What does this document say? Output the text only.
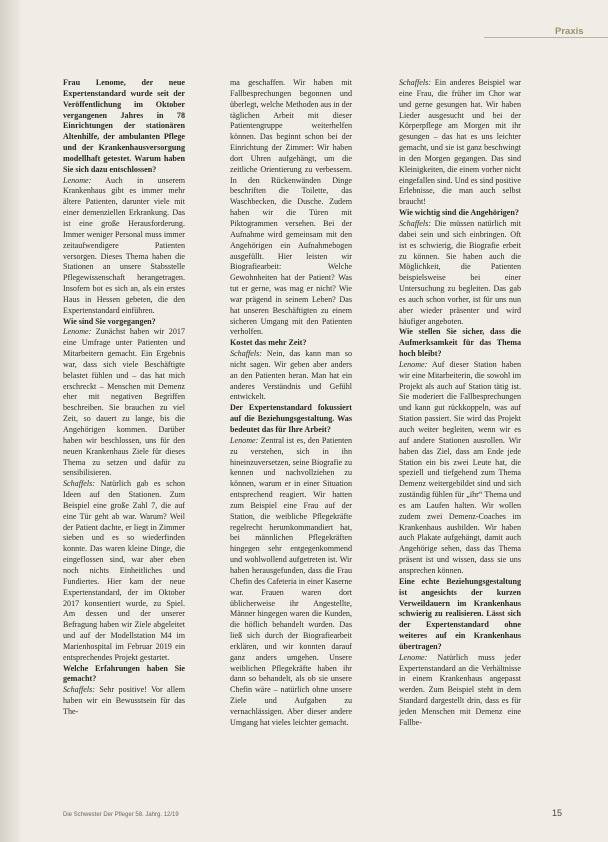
Praxis

Frau Lenome, der neue Expertenstandard wurde seit der Veröffentlichung im Oktober vergangenen Jahres in 78 Einrichtungen der stationären Altenhilfe, der ambulanten Pflege und der Krankenhausversorgung modellhaft getestet. Warum haben Sie sich dazu entschlossen?

Lenome: Auch in unserem Krankenhaus gibt es immer mehr ältere Patienten, darunter viele mit einer demenziellen Erkrankung. Das ist eine große Herausforderung. Immer weniger Personal muss immer zeitaufwendigere Patienten versorgen. Dieses Thema haben die Stationen an unsere Stabsstelle Pflegewissenschaft herangetragen. Insofern bot es sich an, als ein erstes Haus in Hessen gebeten, die den Expertenstandard einführen.

Wie sind Sie vorgegangen?

Lenome: Zunächst haben wir 2017 eine Umfrage unter Patienten und Mitarbeitern gemacht. Ein Ergebnis war, dass sich viele Beschäftigte belastet fühlen und – das hat mich erschreckt – Menschen mit Demenz eher mit negativen Begriffen beschreiben. Sie brauchen zu viel Zeit, so dauert zu lange, bis die Angehörigen kommen. Darüber haben wir beschlossen, uns für den neuen Krankenhaus Ziele für dieses Thema zu setzen und dafür zu sensibilisieren.

Schaffels: Natürlich gab es schon Ideen auf den Stationen. Zum Beispiel eine große Zahl 7, die auf eine Tür geht ab war. Warum? Weil der Patient dachte, er liegt in Zimmer sieben und es so wiederfinden konnte. Das waren kleine Dinge, die eingeflossen sind, war aber eben noch nichts Einheitliches und Fundiertes. Hier kam der neue Expertenstandard, der im Oktober 2017 konsentiert wurde, zu Spiel. Am dessen und der unserer Befragung haben wir Ziele abgeleitet und auf der Modellstation M4 im Marienhospital im Februar 2019 ein entsprechendes Projekt gestartet.

Welche Erfahrungen haben Sie gemacht?

Schaffels: Sehr positive! Vor allem haben wir ein Bewusstsein für das The-

ma geschaffen. Wir haben mit Fallbesprechungen begonnen und überlegt, welche Methoden aus in der täglichen Arbeit mit dieser Patientengruppe weiterhelfen können. Das beginnt schon bei der Einrichtung der Zimmer: Wir haben dort Uhren aufgehängt, um die zeitliche Orientierung zu verbessern. In den Rückenwänden Dinge beschriften die Toilette, das Waschbecken, die Dusche. Zudem haben wir die Türen mit Piktogrammen versehen. Bei der Aufnahme wird gemeinsam mit den Angehörigen ein Aufnahmebogen ausgefüllt. Hier leisten wir Biografiearbeit: Welche Gewohnheiten hat der Patient? Was tut er gerne, was mag er nicht? Wie war prägend in seinem Leben? Das hat unseren Beschäftigten zu einem sicheren Umgang mit den Patienten verholfen.

Kostet das mehr Zeit?

Schaffels: Nein, das kann man so nicht sagen. Wir geben aber anders an den Patienten heran. Man hat ein anderes Verständnis und Gefühl entwickelt.

Der Expertenstandard fokussiert auf die Beziehungsgestaltung. Was bedeutet das für Ihre Arbeit?

Lenome: Zentral ist es, den Patienten zu verstehen, sich in ihn hineinzuversetzen, seine Biografie zu kennen und nachvollziehen zu können, warum er in einer Situation entsprechend reagiert. Wir hatten zum Beispiel eine Frau auf der Station, die weibliche Pflegekräfte regelrecht herumkommandiert hat, bei männlichen Pflegekräften hingegen sehr entgegenkommend und wohlwollend aufgetreten ist. Wir haben herausgefunden, dass die Frau Chefin des Cafeteria in einer Kaserne war. Frauen waren dort üblicherweise ihr Angestellte, Männer hingegen waren die Kunden, die höflich behandelt wurden. Das ließ sich durch der Biografiearbeit erklären, und wir konnten darauf ganz anders umgehen. Unsere weiblichen Pflegekräfte haben ihr dann so behandelt, als ob sie unsere Chefin wäre – natürlich ohne unsere Ziele und Aufgaben zu vernachlässigen. Aber dieser andere Umgang hat vieles leichter gemacht.

Schaffels: Ein anderes Beispiel war eine Frau, die früher im Chor war und gerne gesungen hat. Wir haben Lieder ausgesucht und bei der Körperpflege am Morgen mit ihr gesungen – das hat es uns leichter gemacht, und sie ist ganz beschwingt in den Morgen gegangen. Das sind Kleinigkeiten, die einem vorher nicht eingefallen sind. Und es sind positive Erlebnisse, die man auch selbst braucht!

Wie wichtig sind die Angehörigen?

Schaffels: Die müssen natürlich mit dabei sein und sich einbringen. Oft ist es schwierig, die Biografie erbeit zu können. Sie haben auch die Möglichkeit, die Patienten beispielsweise bei einer Untersuchung zu begleiten. Das gab es auch schon vorher, ist für uns nun aber wieder präsenter und wird häufiger angeboten.

Wie stellen Sie sicher, dass die Aufmerksamkeit für das Thema hoch bleibt?

Lenome: Auf dieser Station haben wir eine Mitarbeiterin, die sowohl im Projekt als auch auf Station tätig ist. Sie moderiert die Fallbesprechungen und kann gut rückkoppeln, was auf Station passiert. Sie wird das Projekt auch weiter begleiten, wenn wir es auf andere Stationen ausrollen. Wir haben das Ziel, dass am Ende jede Station ein bis zwei Leute hat, die speziell und tiefgehend zum Thema Demenz weitergebildet sind und sich zuständig fühlen für „ihr“ Thema und es am Laufen halten. Wir wollen zudem zwei Demenz-Coaches im Krankenhaus ausbilden. Wir haben auch Plakate aufgehängt, damit auch Angehörige sehen, dass das Thema präsent ist und wissen, dass sie uns ansprechen können.

Eine echte Beziehungsgestaltung ist angesichts der kurzen Verweildauern im Krankenhaus schwierig zu realisieren. Lässt sich der Expertenstandard ohne weiteres auf ein Krankenhaus übertragen?

Lenome: Natürlich muss jeder Expertenstandard an die Verhältnisse in einem Krankenhaus angepasst werden. Zum Beispiel steht in dem Standard dargestellt drin, dass es für jeden Menschen mit Demenz eine Fallbe-

Die Schwester Der Pfleger 58. Jahrg. 12/19	15
